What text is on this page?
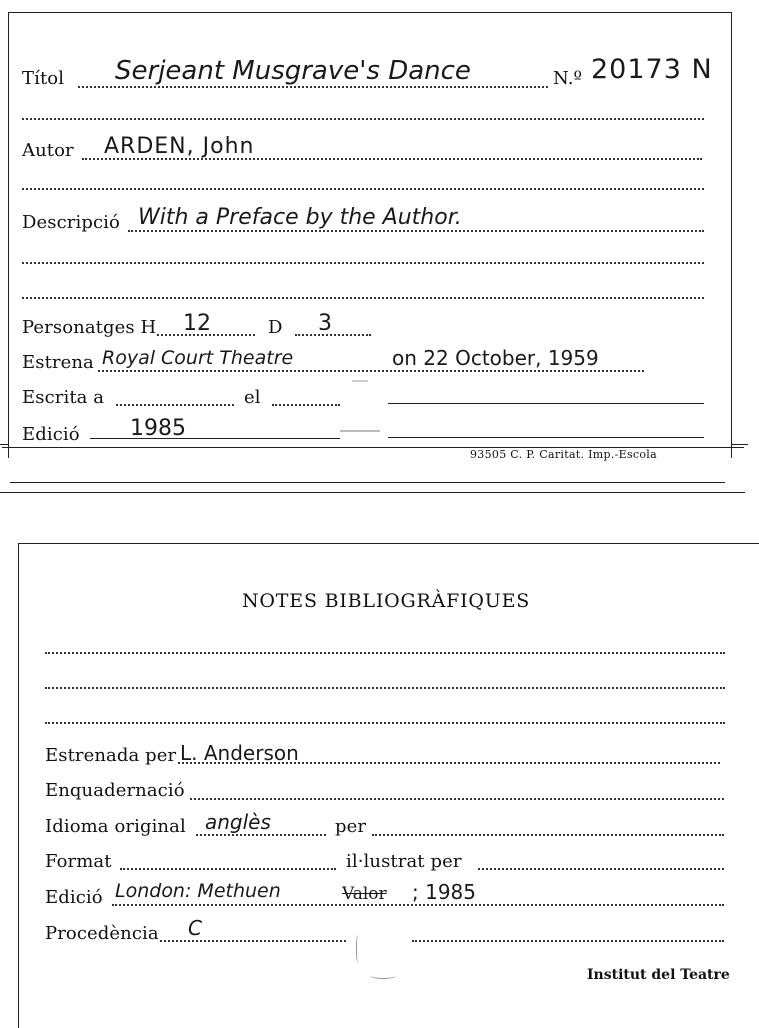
Títol Serjeant Musgrave's Dance	N.º 20173 N
Autor ARDEN, John
Descripció With a Preface by the Author.
Personatges H 12	D 3
Estrena Royal Court Theatre	on 22 October, 1959
Escrita a	el
Edició 1985
93505 C. P. Caritat. Imp.-Escola
NOTES BIBLIOGRÀFIQUES
Estrenada per L. Anderson
Enquadernació
Idioma original anglès	per
Format	il·lustrat per
Edició London: Methuen	Valor ; 1985
Procedència C
Institut del Teatre
